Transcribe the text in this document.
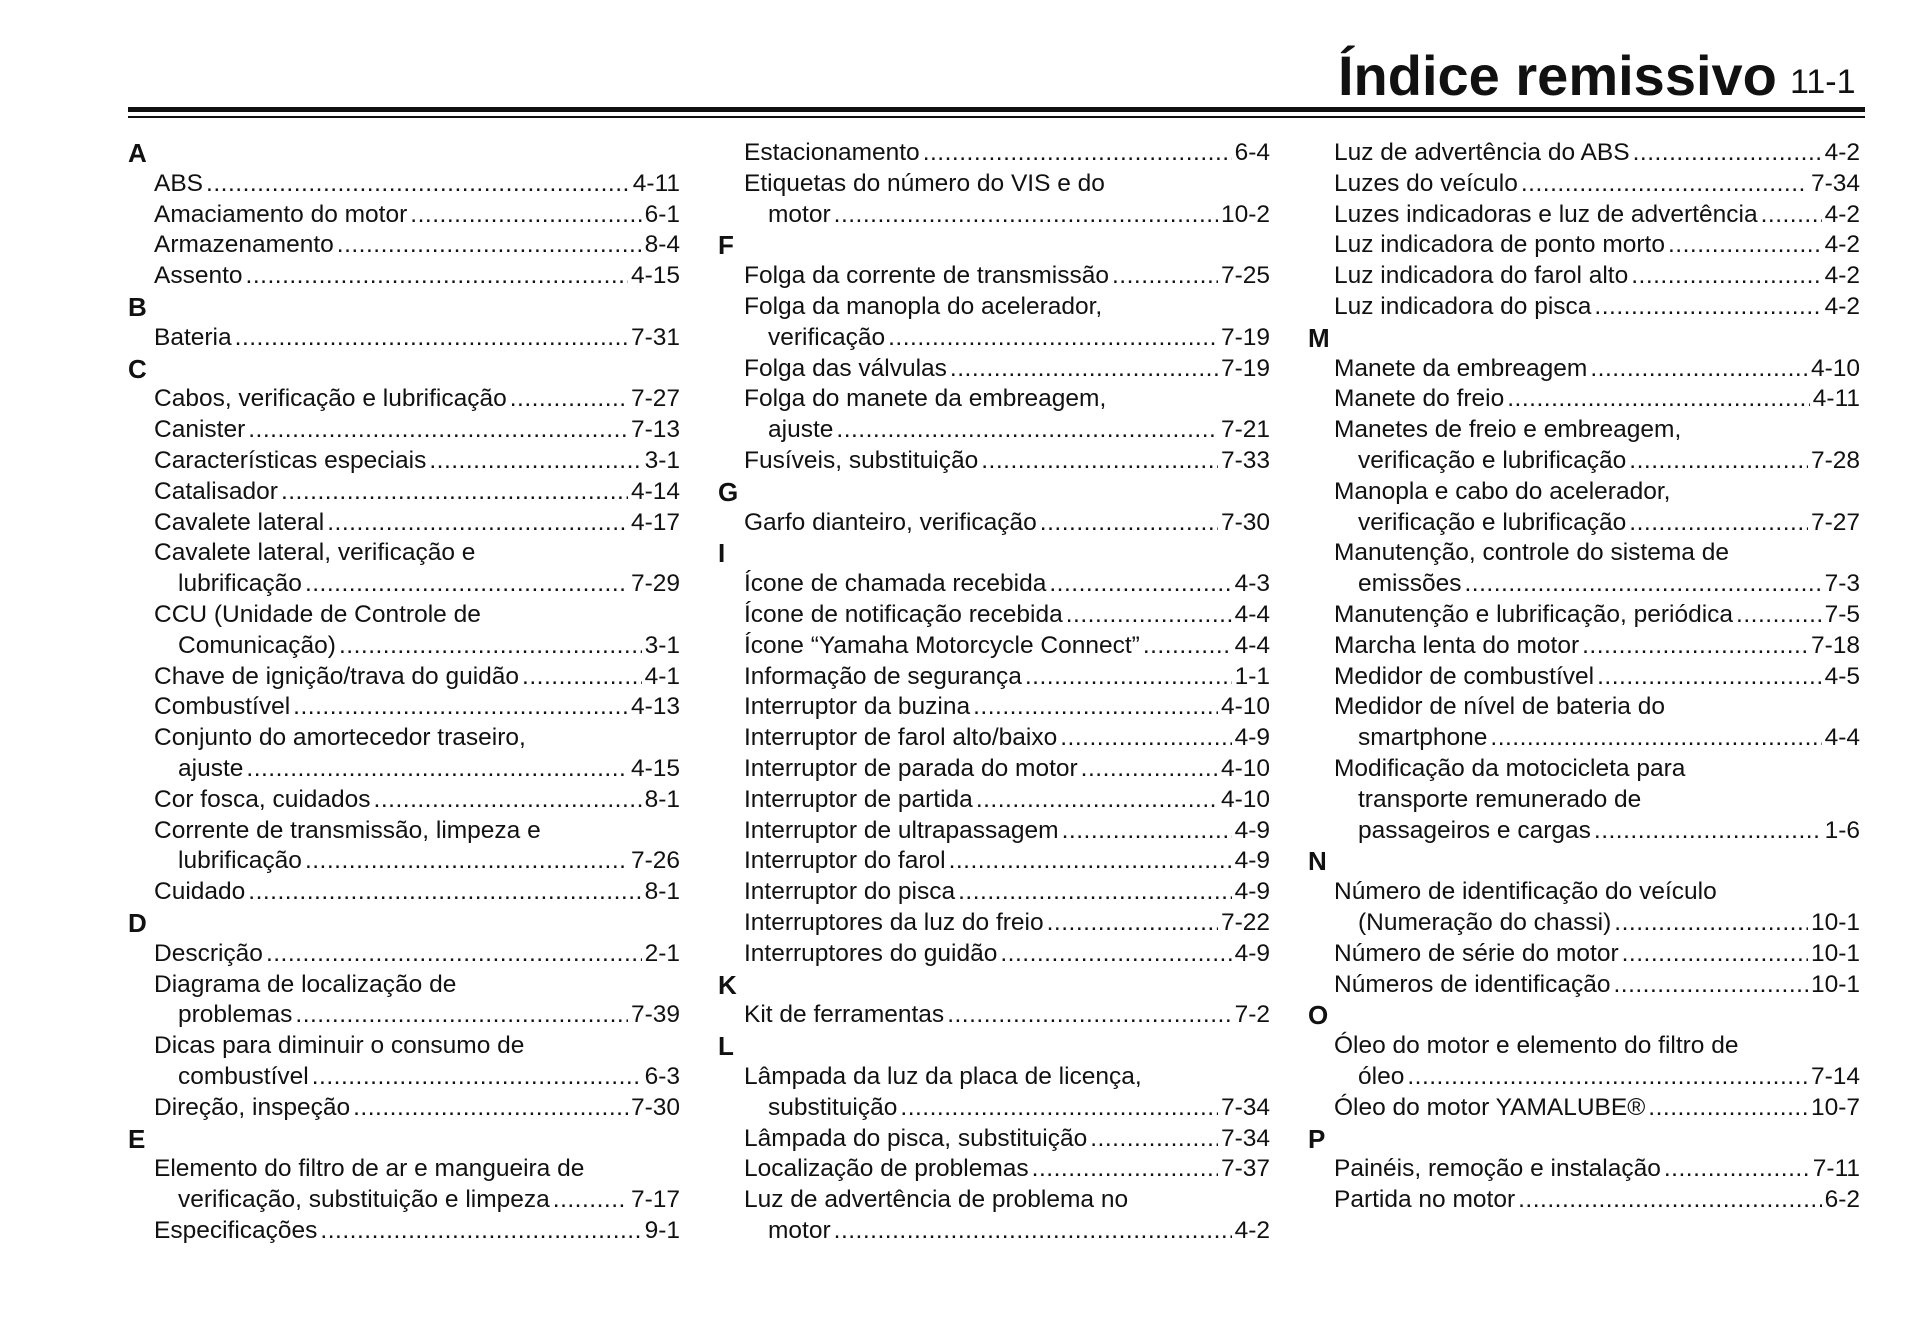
Índice remissivo 11-1
A
ABS .....	4-11
Amaciamento do motor .....	6-1
Armazenamento .....	8-4
Assento .....	4-15
B
Bateria .....	7-31
C
Cabos, verificação e lubrificação .....	7-27
Canister .....	7-13
Características especiais .....	3-1
Catalisador .....	4-14
Cavalete lateral .....	4-17
Cavalete lateral, verificação e
lubrificação .....	7-29
CCU (Unidade de Controle de
Comunicação) .....	3-1
Chave de ignição/trava do guidão .....	4-1
Combustível .....	4-13
Conjunto do amortecedor traseiro,
ajuste .....	4-15
Cor fosca, cuidados .....	8-1
Corrente de transmissão, limpeza e
lubrificação .....	7-26
Cuidado .....	8-1
D
Descrição .....	2-1
Diagrama de localização de
problemas .....	7-39
Dicas para diminuir o consumo de
combustível .....	6-3
Direção, inspeção .....	7-30
E
Elemento do filtro de ar e mangueira de
verificação, substituição e limpeza .....	7-17
Especificações .....	9-1
Estacionamento .....	6-4
Etiquetas do número do VIS e do
motor .....	10-2
F
Folga da corrente de transmissão .....	7-25
Folga da manopla do acelerador,
verificação .....	7-19
Folga das válvulas .....	7-19
Folga do manete da embreagem,
ajuste .....	7-21
Fusíveis, substituição .....	7-33
G
Garfo dianteiro, verificação .....	7-30
I
Ícone de chamada recebida .....	4-3
Ícone de notificação recebida .....	4-4
Ícone “Yamaha Motorcycle Connect” .....	4-4
Informação de segurança .....	1-1
Interruptor da buzina .....	4-10
Interruptor de farol alto/baixo .....	4-9
Interruptor de parada do motor .....	4-10
Interruptor de partida .....	4-10
Interruptor de ultrapassagem .....	4-9
Interruptor do farol .....	4-9
Interruptor do pisca .....	4-9
Interruptores da luz do freio .....	7-22
Interruptores do guidão .....	4-9
K
Kit de ferramentas .....	7-2
L
Lâmpada da luz da placa de licença,
substituição .....	7-34
Lâmpada do pisca, substituição .....	7-34
Localização de problemas .....	7-37
Luz de advertência de problema no
motor .....	4-2
Luz de advertência do ABS .....	4-2
Luzes do veículo .....	7-34
Luzes indicadoras e luz de advertência .....	4-2
Luz indicadora de ponto morto .....	4-2
Luz indicadora do farol alto .....	4-2
Luz indicadora do pisca .....	4-2
M
Manete da embreagem .....	4-10
Manete do freio .....	4-11
Manetes de freio e embreagem,
verificação e lubrificação .....	7-28
Manopla e cabo do acelerador,
verificação e lubrificação .....	7-27
Manutenção, controle do sistema de
emissões .....	7-3
Manutenção e lubrificação, periódica .....	7-5
Marcha lenta do motor .....	7-18
Medidor de combustível .....	4-5
Medidor de nível de bateria do
smartphone .....	4-4
Modificação da motocicleta para
transporte remunerado de
passageiros e cargas .....	1-6
N
Número de identificação do veículo
(Numeração do chassi) .....	10-1
Número de série do motor .....	10-1
Números de identificação .....	10-1
O
Óleo do motor e elemento do filtro de
óleo .....	7-14
Óleo do motor YAMALUBE® .....	10-7
P
Painéis, remoção e instalação .....	7-11
Partida no motor .....	6-2
